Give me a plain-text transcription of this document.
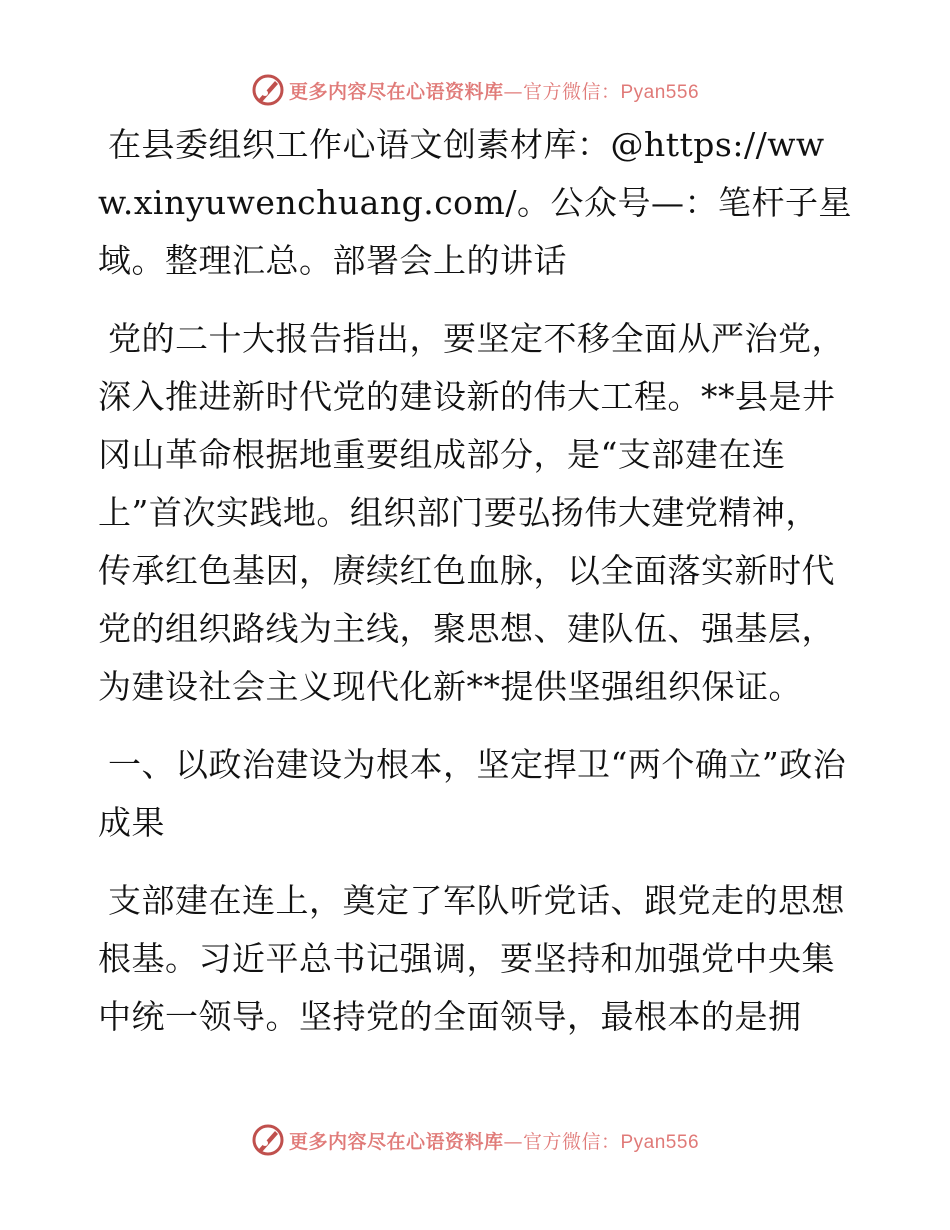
更多内容尽在心语资料库—官方微信：Pyan556

在县委组织工作心语文创素材库：@https://www.xinyuwenchuang.com/。公众号—：笔杆子星域。整理汇总。部署会上的讲话

党的二十大报告指出，要坚定不移全面从严治党，深入推进新时代党的建设新的伟大工程。**县是井冈山革命根据地重要组成部分，是“支部建在连上”首次实践地。组织部门要弘扬伟大建党精神，传承红色基因，赓续红色血脉，以全面落实新时代党的组织路线为主线，聚思想、建队伍、强基层，为建设社会主义现代化新**提供坚强组织保证。

一、以政治建设为根本，坚定捍卫“两个确立”政治成果

支部建在连上，奠定了军队听党话、跟党走的思想根基。习近平总书记强调，要坚持和加强党中央集中统一领导。坚持党的全面领导，最根本的是拥

更多内容尽在心语资料库—官方微信：Pyan556
